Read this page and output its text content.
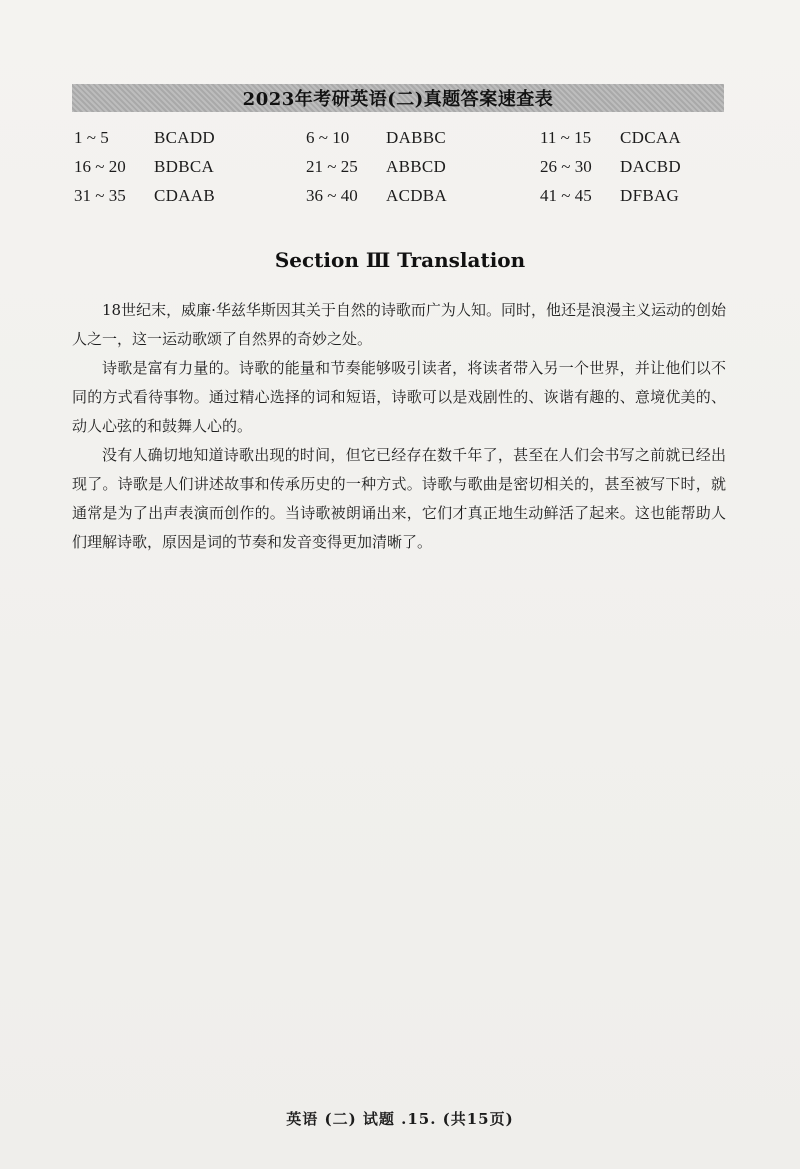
2023年考研英语(二)真题答案速查表
1 ~ 5	BCADD	6 ~ 10	DABBC	11 ~ 15	CDCAA
16 ~ 20	BDBCA	21 ~ 25	ABBCD	26 ~ 30	DACBD
31 ~ 35	CDAAB	36 ~ 40	ACDBA	41 ~ 45	DFBAG
Section Ⅲ Translation

18世纪末，威廉·华兹华斯因其关于自然的诗歌而广为人知。同时，他还是浪漫主义运动的创始人之一，这一运动歌颂了自然界的奇妙之处。

诗歌是富有力量的。诗歌的能量和节奏能够吸引读者，将读者带入另一个世界，并让他们以不同的方式看待事物。通过精心选择的词和短语，诗歌可以是戏剧性的、诙谐有趣的、意境优美的、动人心弦的和鼓舞人心的。

没有人确切地知道诗歌出现的时间，但它已经存在数千年了，甚至在人们会书写之前就已经出现了。诗歌是人们讲述故事和传承历史的一种方式。诗歌与歌曲是密切相关的，甚至被写下时，就通常是为了出声表演而创作的。当诗歌被朗诵出来，它们才真正地生动鲜活了起来。这也能帮助人们理解诗歌，原因是词的节奏和发音变得更加清晰了。

英语 (二) 试题 .15. (共15页)
